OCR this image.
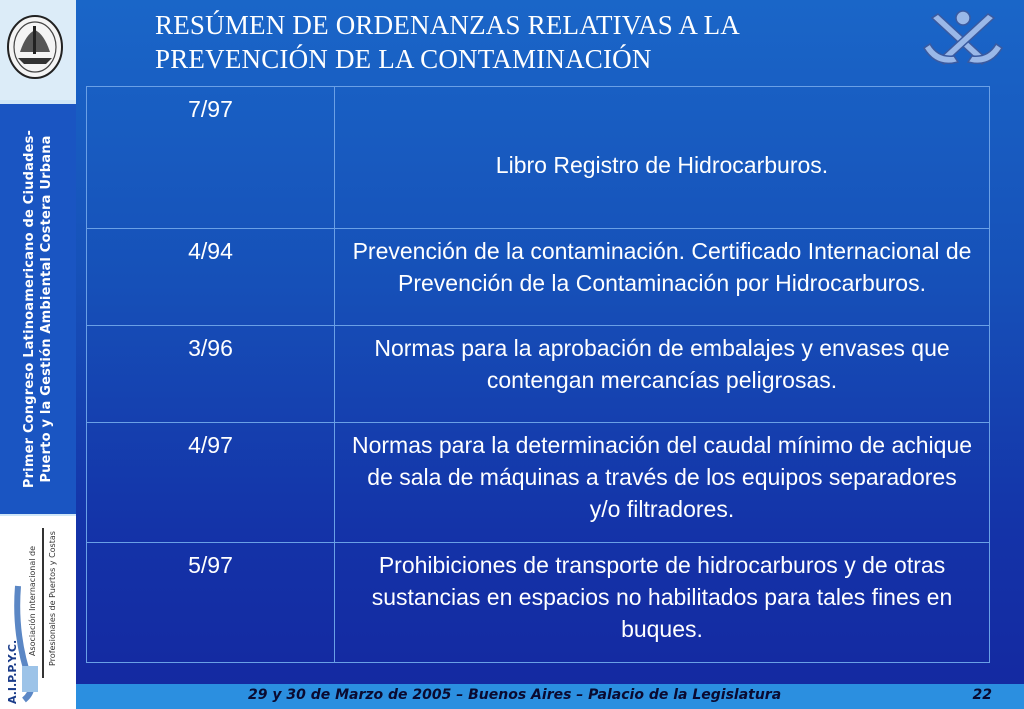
Primer Congreso Latinoamericano de Ciudades-Puerto y la Gestión Ambiental Costera Urbana
Asociación Internacional de Profesionales de Puertos y Costas
A.I.P.P.Y.C.
RESÚMEN DE ORDENANZAS RELATIVAS A LA
PREVENCIÓN DE LA CONTAMINACIÓN
7/97	Libro Registro de Hidrocarburos.
4/94	Prevención de la contaminación. Certificado Internacional de Prevención de la Contaminación por Hidrocarburos.
3/96	Normas para la aprobación de embalajes y envases que contengan mercancías peligrosas.
4/97	Normas para la determinación del caudal mínimo de achique de sala de máquinas a través de los equipos separadores y/o filtradores.
5/97	Prohibiciones de transporte de hidrocarburos y de otras sustancias en espacios no habilitados para tales fines en buques.
29 y 30 de Marzo de 2005 – Buenos Aires – Palacio de la Legislatura	22
